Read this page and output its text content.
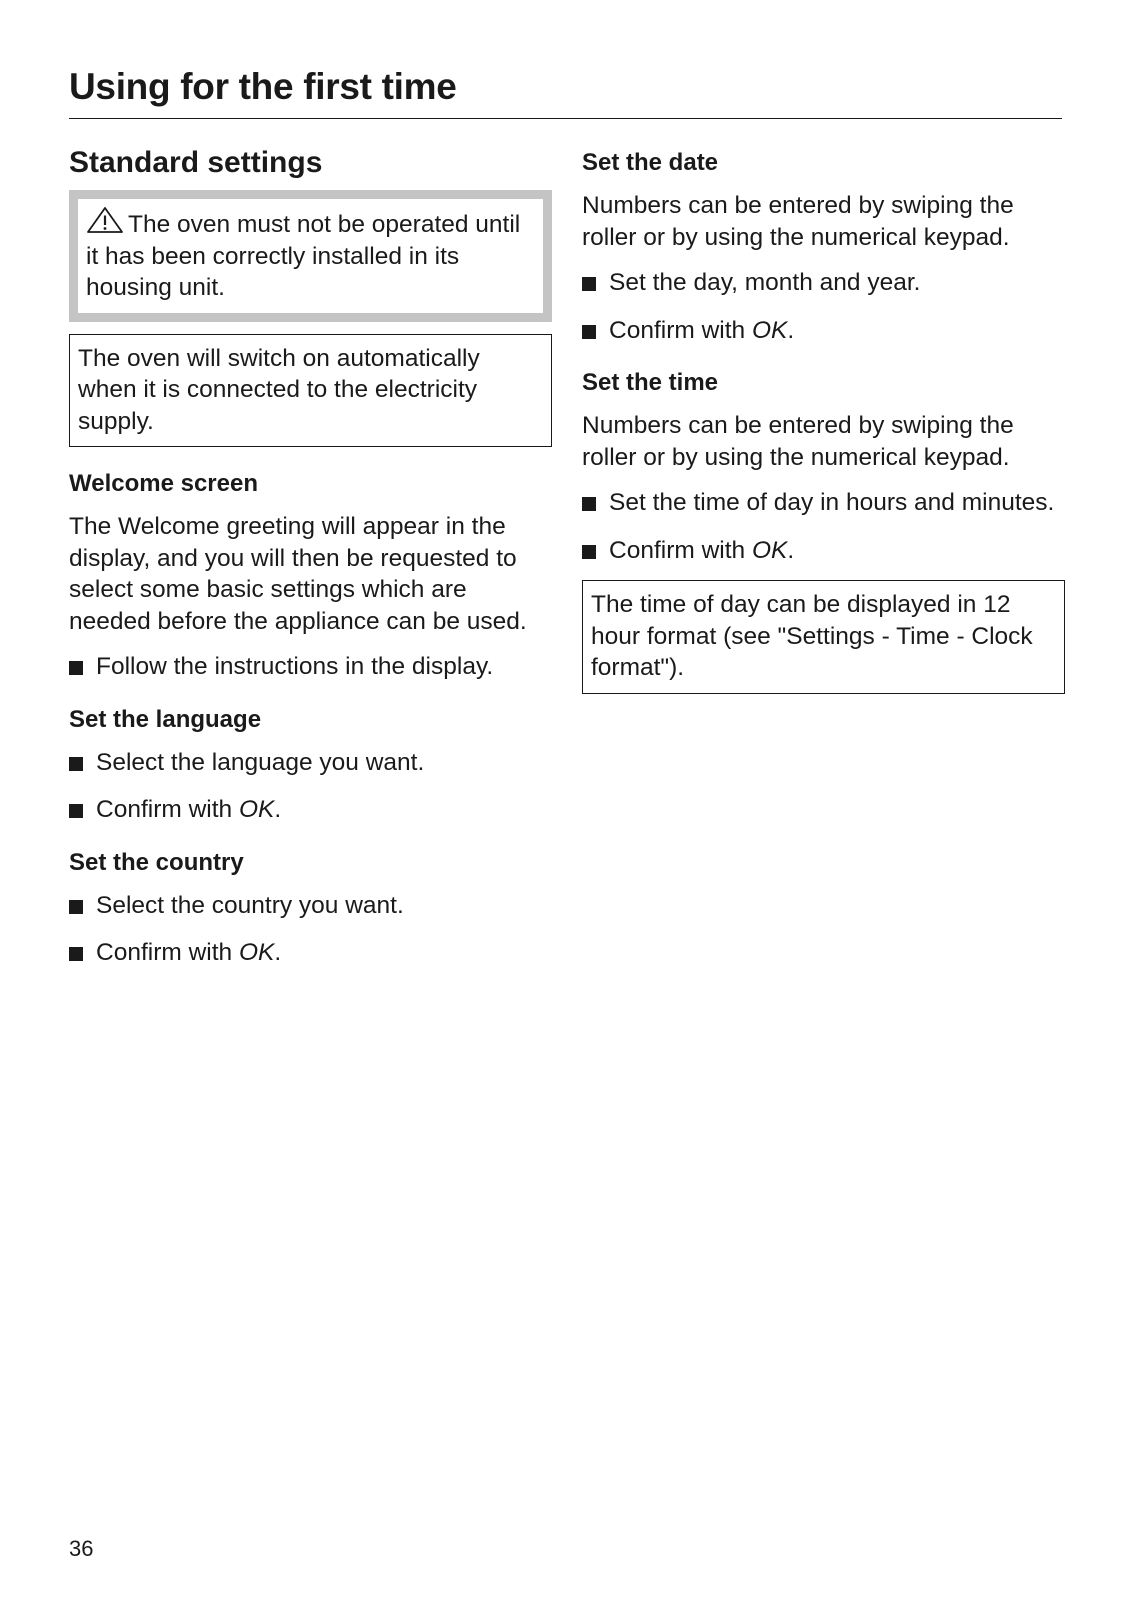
Using for the first time
Standard settings
The oven must not be operated until it has been correctly installed in its housing unit.
The oven will switch on automatically when it is connected to the electricity supply.
Welcome screen

The Welcome greeting will appear in the display, and you will then be requested to select some basic settings which are needed before the appliance can be used.

Follow the instructions in the display.
Set the language
Select the language you want.
Confirm with OK.
Set the country
Select the country you want.
Confirm with OK.
Set the date

Numbers can be entered by swiping the roller or by using the numerical keypad.

Set the day, month and year.
Confirm with OK.
Set the time

Numbers can be entered by swiping the roller or by using the numerical keypad.

Set the time of day in hours and minutes.
Confirm with OK.
The time of day can be displayed in 12 hour format (see "Settings - Time - Clock format").
36
